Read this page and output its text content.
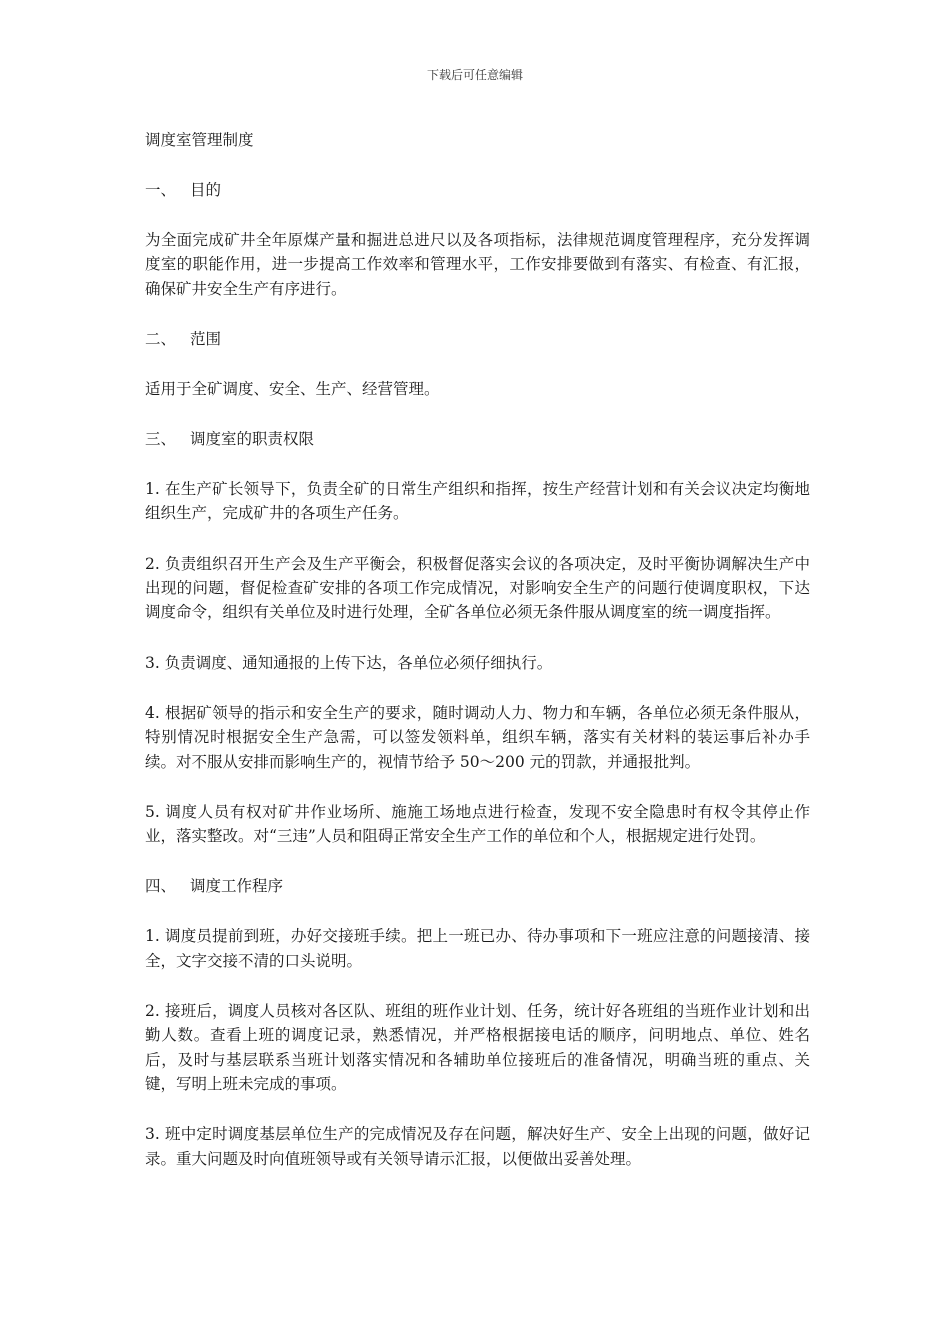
下载后可任意编辑
调度室管理制度
一、 目的

为全面完成矿井全年原煤产量和掘进总进尺以及各项指标，法律规范调度管理程序，充分发挥调度室的职能作用，进一步提高工作效率和管理水平，工作安排要做到有落实、有检查、有汇报，确保矿井安全生产有序进行。

二、 范围

适用于全矿调度、安全、生产、经营管理。

三、 调度室的职责权限

1. 在生产矿长领导下，负责全矿的日常生产组织和指挥，按生产经营计划和有关会议决定均衡地组织生产，完成矿井的各项生产任务。

2. 负责组织召开生产会及生产平衡会，积极督促落实会议的各项决定，及时平衡协调解决生产中出现的问题，督促检查矿安排的各项工作完成情况，对影响安全生产的问题行使调度职权，下达调度命令，组织有关单位及时进行处理，全矿各单位必须无条件服从调度室的统一调度指挥。

3. 负责调度、通知通报的上传下达，各单位必须仔细执行。

4. 根据矿领导的指示和安全生产的要求，随时调动人力、物力和车辆，各单位必须无条件服从，特别情况时根据安全生产急需，可以签发领料单，组织车辆，落实有关材料的装运事后补办手续。对不服从安排而影响生产的，视情节给予 50～200 元的罚款，并通报批判。

5. 调度人员有权对矿井作业场所、施施工场地点进行检查，发现不安全隐患时有权令其停止作业，落实整改。对“三违”人员和阻碍正常安全生产工作的单位和个人，根据规定进行处罚。

四、 调度工作程序

1. 调度员提前到班，办好交接班手续。把上一班已办、待办事项和下一班应注意的问题接清、接全，文字交接不清的口头说明。

2. 接班后，调度人员核对各区队、班组的班作业计划、任务，统计好各班组的当班作业计划和出勤人数。查看上班的调度记录，熟悉情况，并严格根据接电话的顺序，问明地点、单位、姓名后，及时与基层联系当班计划落实情况和各辅助单位接班后的准备情况，明确当班的重点、关键，写明上班未完成的事项。

3. 班中定时调度基层单位生产的完成情况及存在问题，解决好生产、安全上出现的问题，做好记录。重大问题及时向值班领导或有关领导请示汇报，以便做出妥善处理。
